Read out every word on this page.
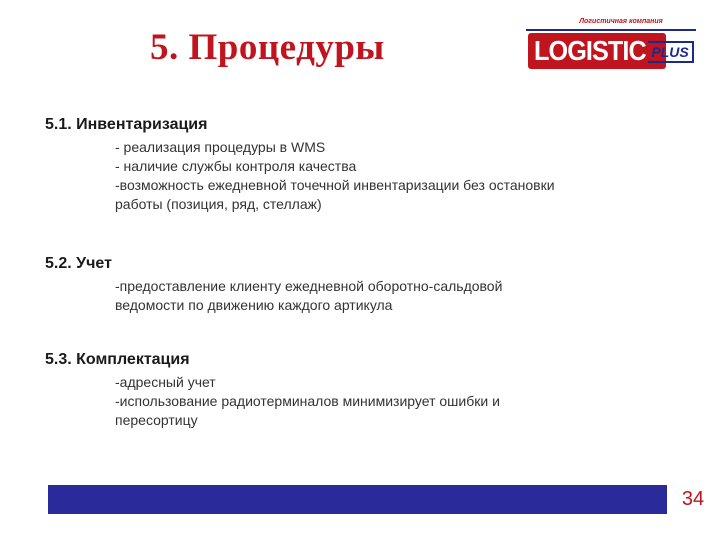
5. Процедуры
Логистичная компания
LOGISTIC PLUS
5.1. Инвентаризация
- реализация процедуры в WMS
- наличие службы контроля качества
-возможность ежедневной точечной инвентаризации без остановки
работы (позиция, ряд, стеллаж)
5.2. Учет
-предоставление клиенту ежедневной оборотно-сальдовой
ведомости по движению каждого артикула
5.3. Комплектация
-адресный учет
-использование радиотерминалов минимизирует ошибки и
пересортицу
34
